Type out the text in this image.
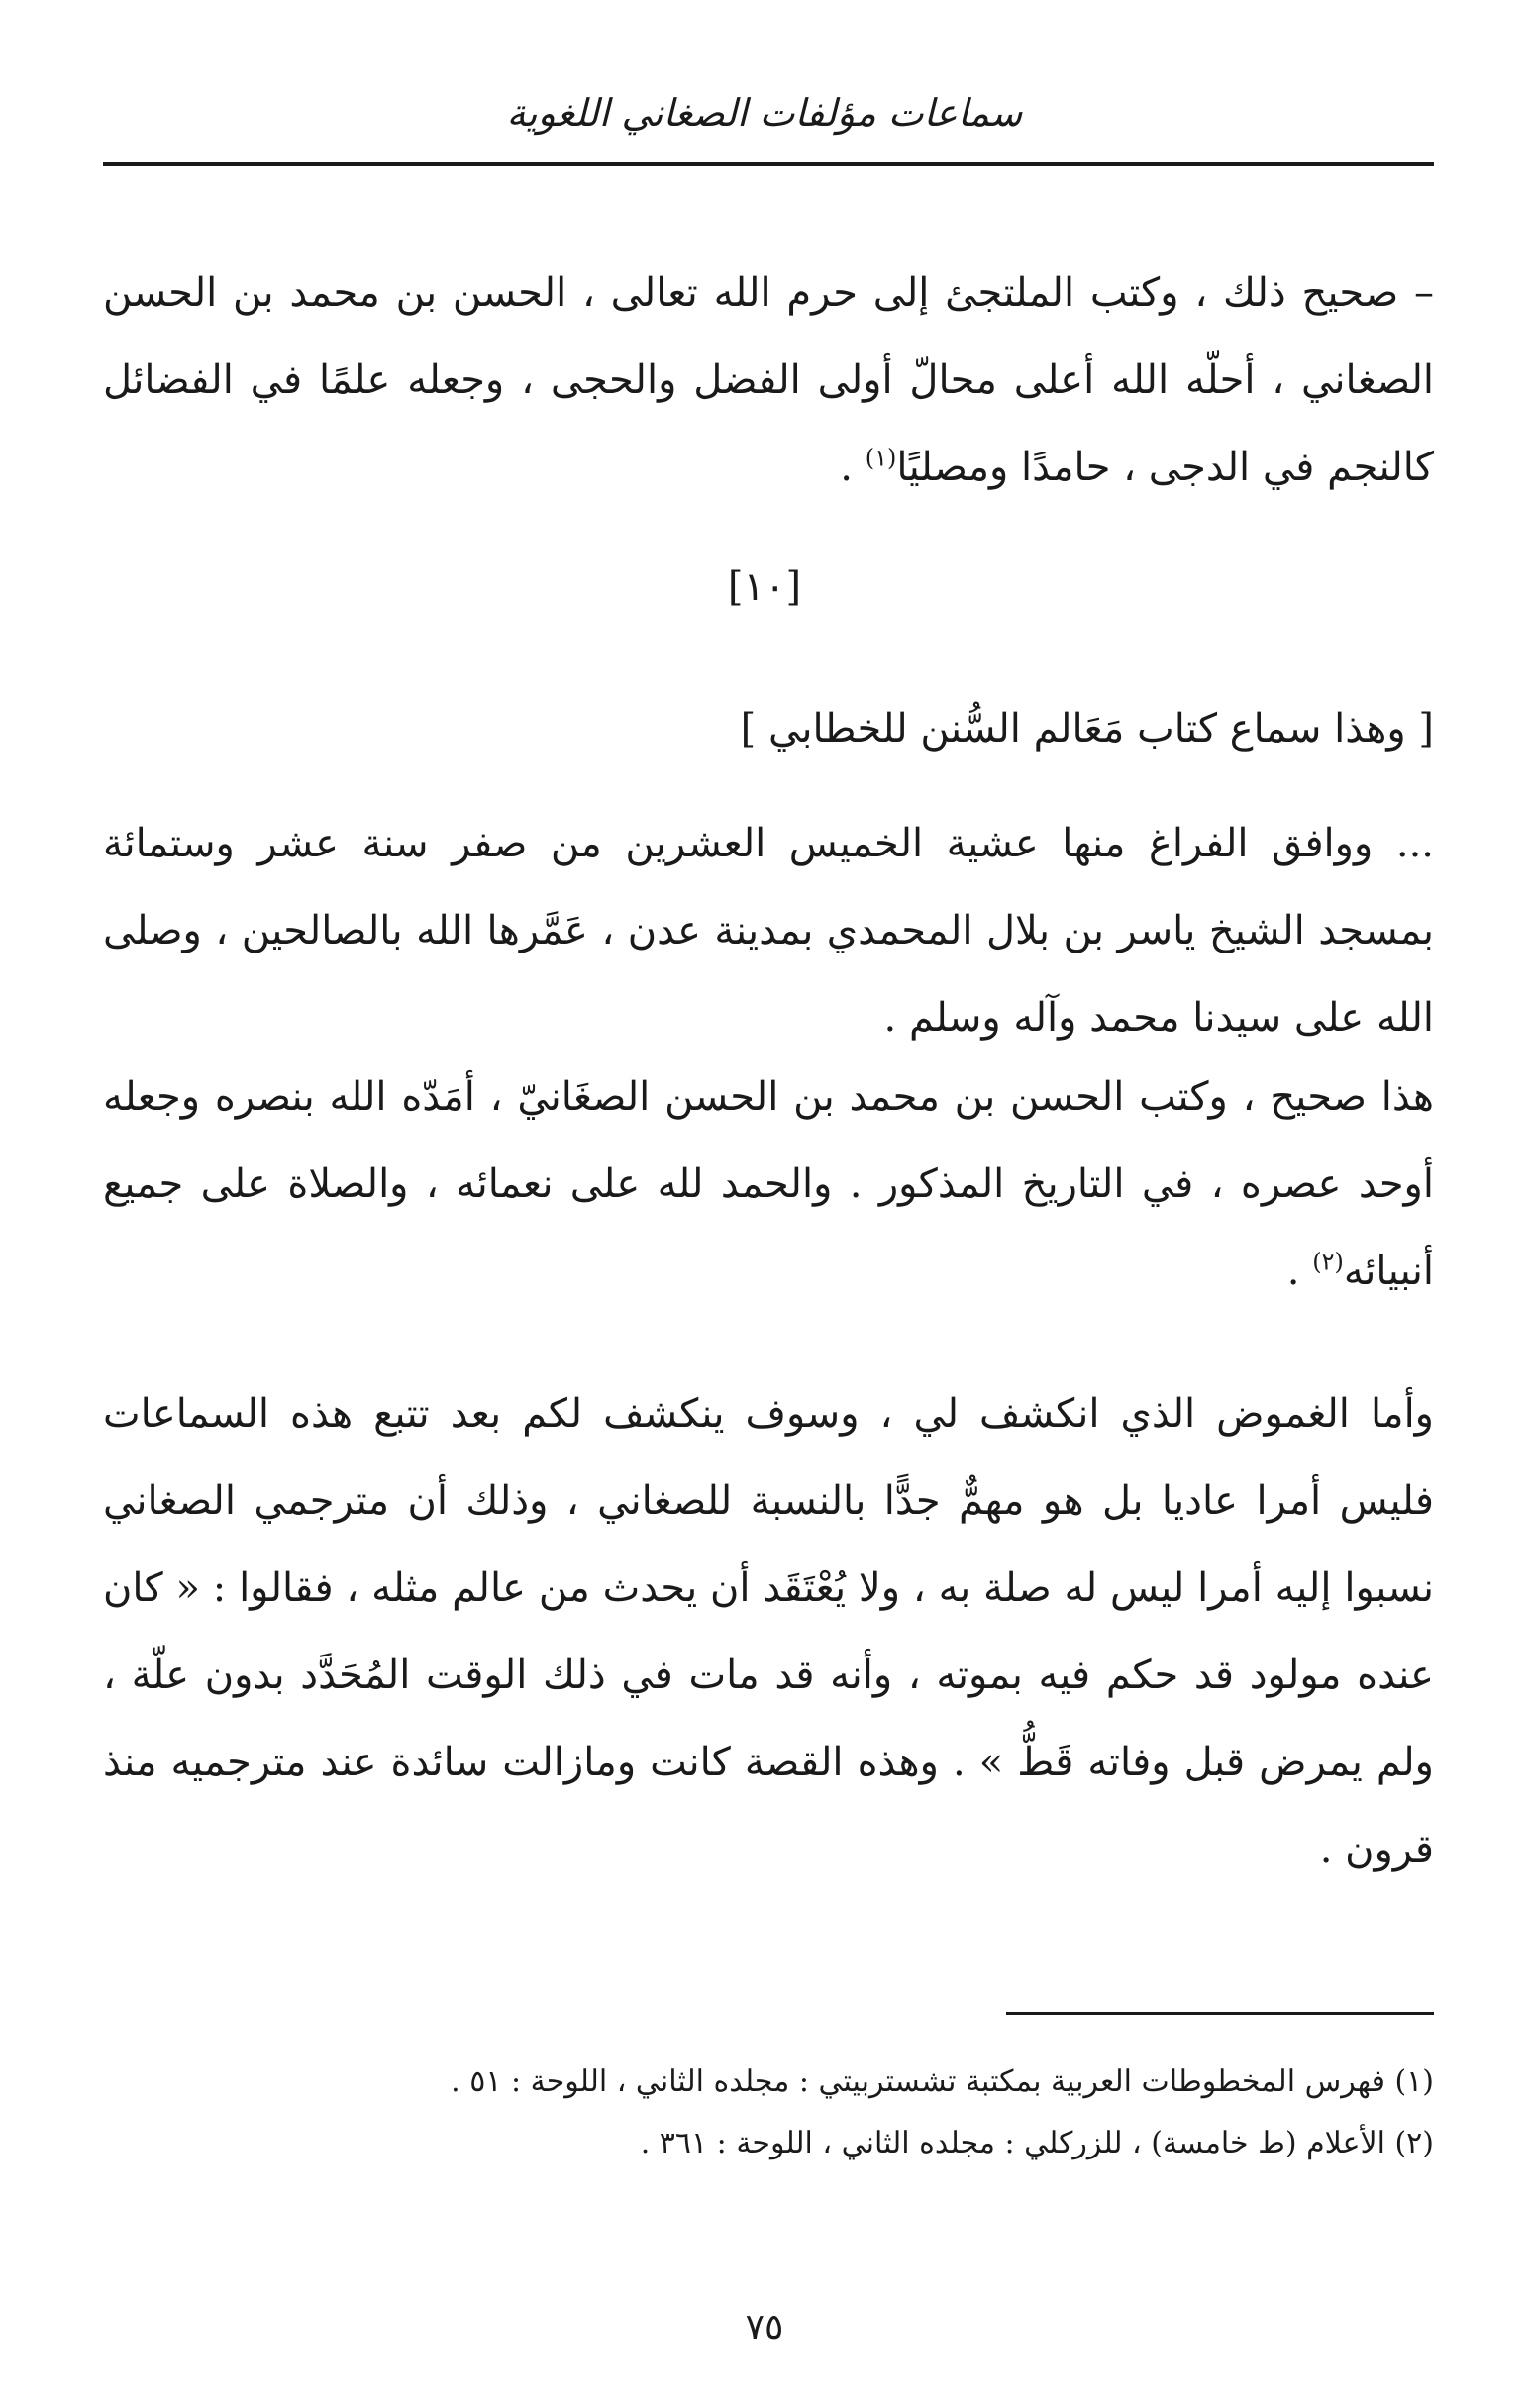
سماعات مؤلفات الصغاني اللغوية

– صحيح ذلك ، وكتب الملتجئ إلى حرم الله تعالى ، الحسن بن محمد بن الحسن الصغاني ، أحلّه الله أعلى محالّ أولى الفضل والحجى ، وجعله علمًا في الفضائل كالنجم في الدجى ، حامدًا ومصليًا$^{(١)}$ .

[١٠]

[ وهذا سماع كتاب مَعَالم السُّنن للخطابي ]

... ووافق الفراغ منها عشية الخميس العشرين من صفر سنة عشر وستمائة بمسجد الشيخ ياسر بن بلال المحمدي بمدينة عدن ، عَمَّرها الله بالصالحين ، وصلى الله على سيدنا محمد وآله وسلم .

هذا صحيح ، وكتب الحسن بن محمد بن الحسن الصغَانيّ ، أمَدّه الله بنصره وجعله أوحد عصره ، في التاريخ المذكور . والحمد لله على نعمائه ، والصلاة على جميع أنبيائه$^{(٢)}$ .

وأما الغموض الذي انكشف لي ، وسوف ينكشف لكم بعد تتبع هذه السماعات فليس أمرا عاديا بل هو مهمٌّ جدًّا بالنسبة للصغاني ، وذلك أن مترجمي الصغاني نسبوا إليه أمرا ليس له صلة به ، ولا يُعْتَقَد أن يحدث من عالم مثله ، فقالوا : « كان عنده مولود قد حكم فيه بموته ، وأنه قد مات في ذلك الوقت المُحَدَّد بدون علّة ، ولم يمرض قبل وفاته قَطُّ » . وهذه القصة كانت ومازالت سائدة عند مترجميه منذ قرون .

(١) فهرس المخطوطات العربية بمكتبة تشستربيتي : مجلده الثاني ، اللوحة : ٥١ .
(٢) الأعلام (ط خامسة) ، للزركلي : مجلده الثاني ، اللوحة : ٣٦١ .
٧٥
